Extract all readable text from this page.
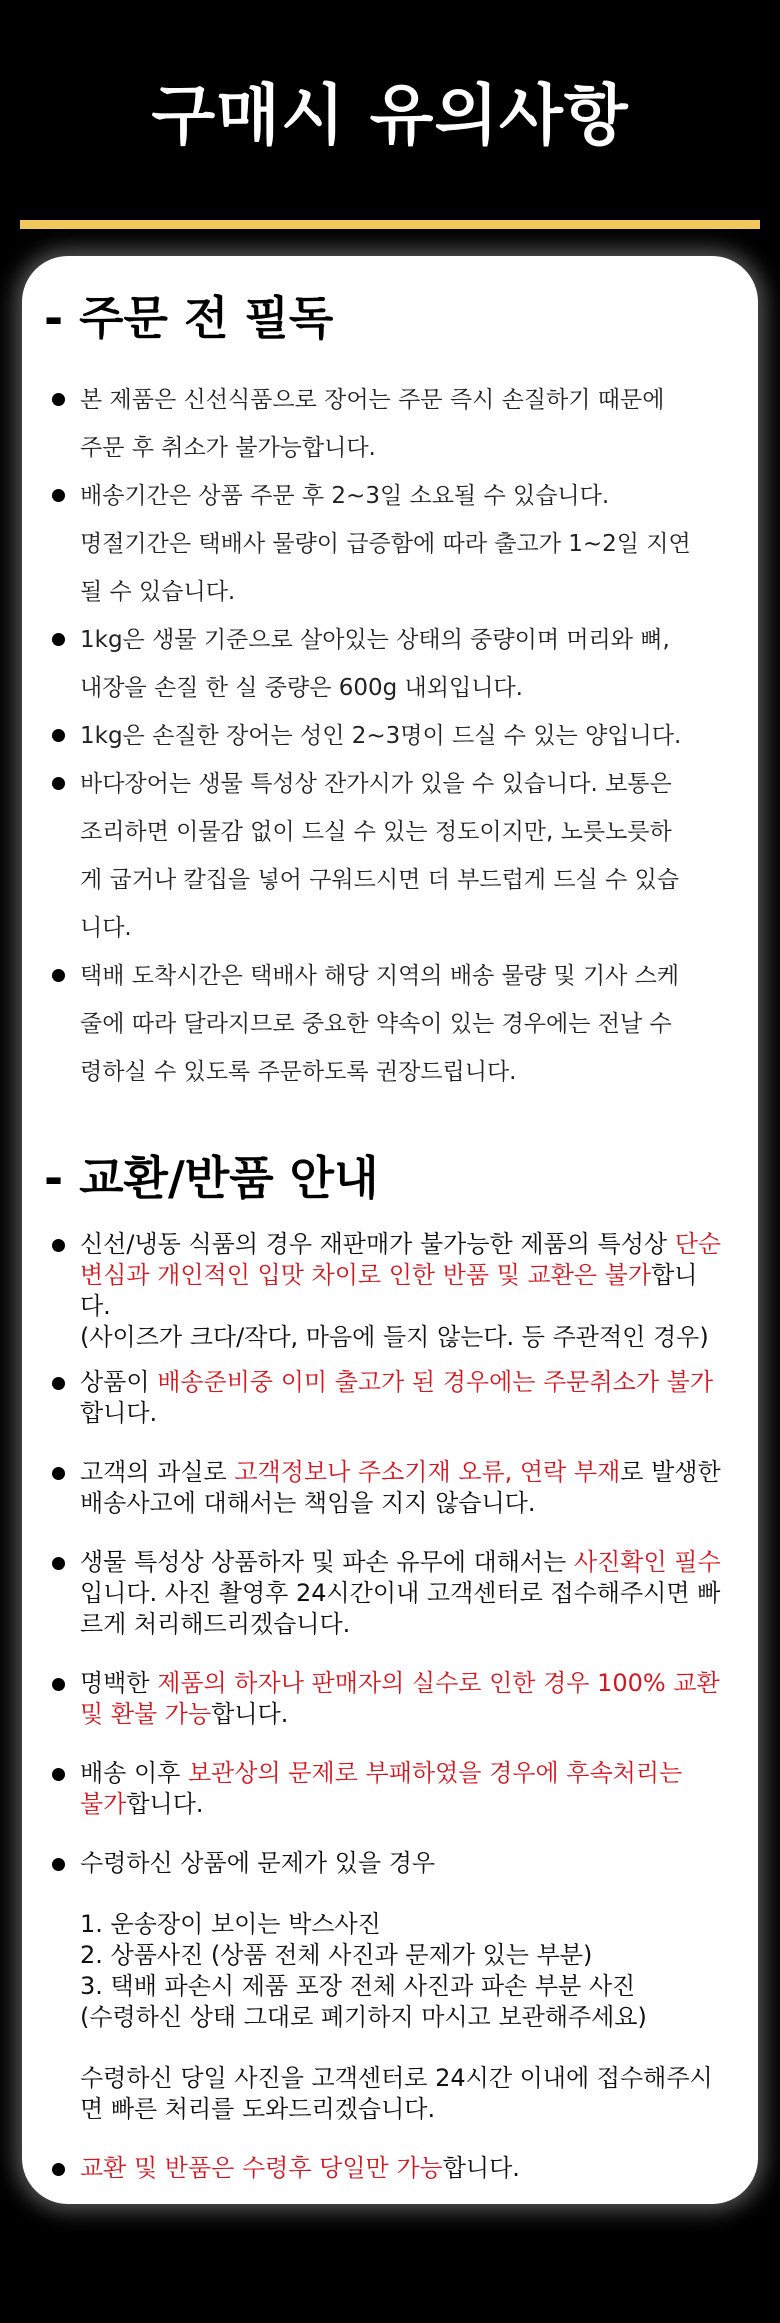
구매시 유의사항
- 주문 전 필독
본 제품은 신선식품으로 장어는 주문 즉시 손질하기 때문에
주문 후 취소가 불가능합니다.
배송기간은 상품 주문 후 2~3일 소요될 수 있습니다.
명절기간은 택배사 물량이 급증함에 따라 출고가 1~2일 지연
될 수 있습니다.
1kg은 생물 기준으로 살아있는 상태의 중량이며 머리와 뼈,
내장을 손질 한 실 중량은 600g 내외입니다.
1kg은 손질한 장어는 성인 2~3명이 드실 수 있는 양입니다.
바다장어는 생물 특성상 잔가시가 있을 수 있습니다. 보통은
조리하면 이물감 없이 드실 수 있는 정도이지만, 노릇노릇하
게 굽거나 칼집을 넣어 구워드시면 더 부드럽게 드실 수 있습
니다.
택배 도착시간은 택배사 해당 지역의 배송 물량 및 기사 스케
줄에 따라 달라지므로 중요한 약속이 있는 경우에는 전날 수
령하실 수 있도록 주문하도록 권장드립니다.
- 교환/반품 안내
신선/냉동 식품의 경우 재판매가 불가능한 제품의 특성상 단순
변심과 개인적인 입맛 차이로 인한 반품 및 교환은 불가합니다.
(사이즈가 크다/작다, 마음에 들지 않는다. 등 주관적인 경우)
상품이 배송준비중 이미 출고가 된 경우에는 주문취소가 불가
합니다.
고객의 과실로 고객정보나 주소기재 오류, 연락 부재로 발생한
배송사고에 대해서는 책임을 지지 않습니다.
생물 특성상 상품하자 및 파손 유무에 대해서는 사진확인 필수
입니다. 사진 촬영후 24시간이내 고객센터로 접수해주시면 빠
르게 처리해드리겠습니다.
명백한 제품의 하자나 판매자의 실수로 인한 경우 100% 교환
및 환불 가능합니다.
배송 이후 보관상의 문제로 부패하였을 경우에 후속처리는
불가합니다.
수령하신 상품에 문제가 있을 경우
1. 운송장이 보이는 박스사진
2. 상품사진 (상품 전체 사진과 문제가 있는 부분)
3. 택배 파손시 제품 포장 전체 사진과 파손 부분 사진
(수령하신 상태 그대로 폐기하지 마시고 보관해주세요)
수령하신 당일 사진을 고객센터로 24시간 이내에 접수해주시
면 빠른 처리를 도와드리겠습니다.
교환 및 반품은 수령후 당일만 가능합니다.
